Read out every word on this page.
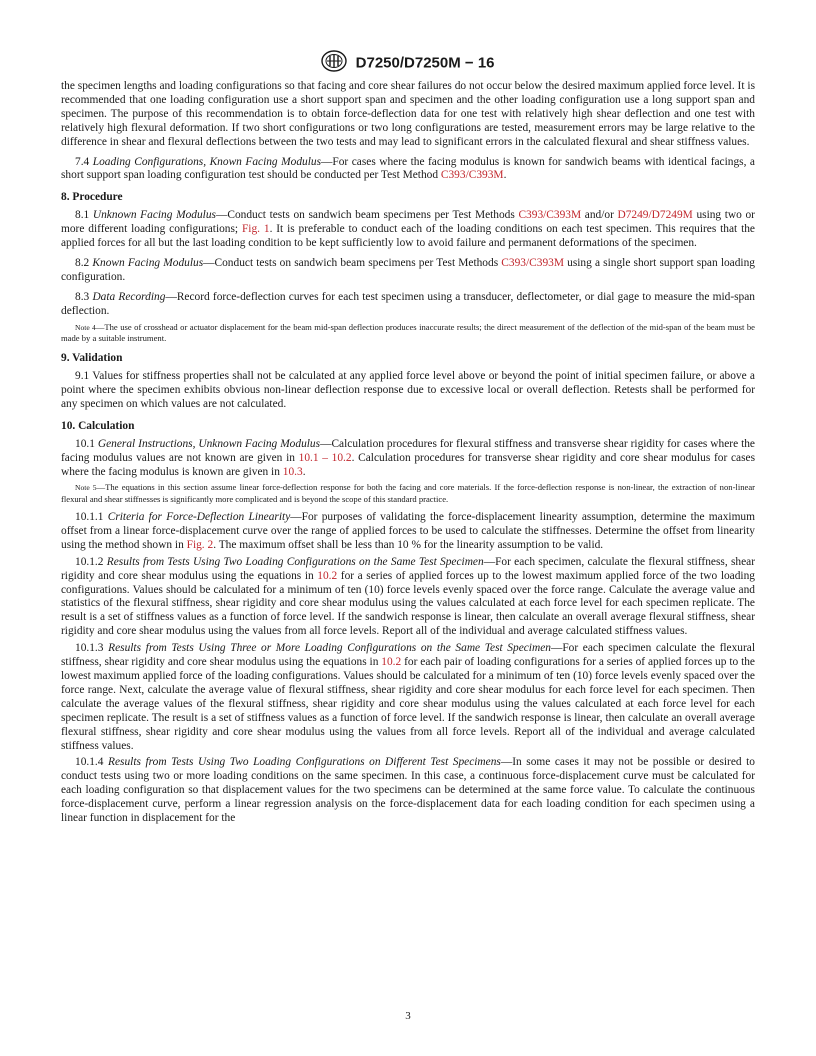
D7250/D7250M − 16

the specimen lengths and loading configurations so that facing and core shear failures do not occur below the desired maximum applied force level. It is recommended that one loading configuration use a short support span and specimen and the other loading configuration use a long support span and specimen. The purpose of this recommendation is to obtain force-deflection data for one test with relatively high shear deflection and one test with relatively high flexural deformation. If two short configurations or two long configurations are tested, measurement errors may be large relative to the difference in shear and flexural deflections between the two tests and may lead to significant errors in the calculated flexural and shear stiffness values.

7.4 Loading Configurations, Known Facing Modulus—For cases where the facing modulus is known for sandwich beams with identical facings, a short support span loading configuration test should be conducted per Test Method C393/C393M.

8. Procedure

8.1 Unknown Facing Modulus—Conduct tests on sandwich beam specimens per Test Methods C393/C393M and/or D7249/D7249M using two or more different loading configurations; Fig. 1. It is preferable to conduct each of the loading conditions on each test specimen. This requires that the applied forces for all but the last loading condition to be kept sufficiently low to avoid failure and permanent deformations of the specimen.

8.2 Known Facing Modulus—Conduct tests on sandwich beam specimens per Test Methods C393/C393M using a single short support span loading configuration.

8.3 Data Recording—Record force-deflection curves for each test specimen using a transducer, deflectometer, or dial gage to measure the mid-span deflection.

Note 4—The use of crosshead or actuator displacement for the beam mid-span deflection produces inaccurate results; the direct measurement of the deflection of the mid-span of the beam must be made by a suitable instrument.

9. Validation

9.1 Values for stiffness properties shall not be calculated at any applied force level above or beyond the point of initial specimen failure, or above a point where the specimen exhibits obvious non-linear deflection response due to excessive local or overall deflection. Retests shall be performed for any specimen on which values are not calculated.

10. Calculation

10.1 General Instructions, Unknown Facing Modulus—Calculation procedures for flexural stiffness and transverse shear rigidity for cases where the facing modulus values are not known are given in 10.1 – 10.2. Calculation procedures for transverse shear rigidity and core shear modulus for cases where the facing modulus is known are given in 10.3.

Note 5—The equations in this section assume linear force-deflection response for both the facing and core materials. If the force-deflection response is non-linear, the extraction of non-linear flexural and shear stiffnesses is significantly more complicated and is beyond the scope of this standard practice.

10.1.1 Criteria for Force-Deflection Linearity—For purposes of validating the force-displacement linearity assumption, determine the maximum offset from a linear force-displacement curve over the range of applied forces to be used to calculate the stiffnesses. Determine the offset from linearity using the method shown in Fig. 2. The maximum offset shall be less than 10 % for the linearity assumption to be valid.

10.1.2 Results from Tests Using Two Loading Configurations on the Same Test Specimen—For each specimen, calculate the flexural stiffness, shear rigidity and core shear modulus using the equations in 10.2 for a series of applied forces up to the lowest maximum applied force of the two loading configurations. Values should be calculated for a minimum of ten (10) force levels evenly spaced over the force range. Calculate the average value and statistics of the flexural stiffness, shear rigidity and core shear modulus using the values calculated at each force level for each specimen replicate. The result is a set of stiffness values as a function of force level. If the sandwich response is linear, then calculate an overall average flexural stiffness, shear rigidity and core shear modulus using the values from all force levels. Report all of the individual and average calculated stiffness values.

10.1.3 Results from Tests Using Three or More Loading Configurations on the Same Test Specimen—For each specimen calculate the flexural stiffness, shear rigidity and core shear modulus using the equations in 10.2 for each pair of loading configurations for a series of applied forces up to the lowest maximum applied force of the loading configurations. Values should be calculated for a minimum of ten (10) force levels evenly spaced over the force range. Next, calculate the average value of flexural stiffness, shear rigidity and core shear modulus for each force level for each specimen. Then calculate the average values of the flexural stiffness, shear rigidity and core shear modulus using the values calculated at each force level for each specimen replicate. The result is a set of stiffness values as a function of force level. If the sandwich response is linear, then calculate an overall average flexural stiffness, shear rigidity and core shear modulus using the values from all force levels. Report all of the individual and average calculated stiffness values.

10.1.4 Results from Tests Using Two Loading Configurations on Different Test Specimens—In some cases it may not be possible or desired to conduct tests using two or more loading conditions on the same specimen. In this case, a continuous force-displacement curve must be calculated for each loading configuration so that displacement values for the two specimens can be determined at the same force value. To calculate the continuous force-displacement curve, perform a linear regression analysis on the force-displacement data for each loading condition for each specimen using a linear function in displacement for the

3
